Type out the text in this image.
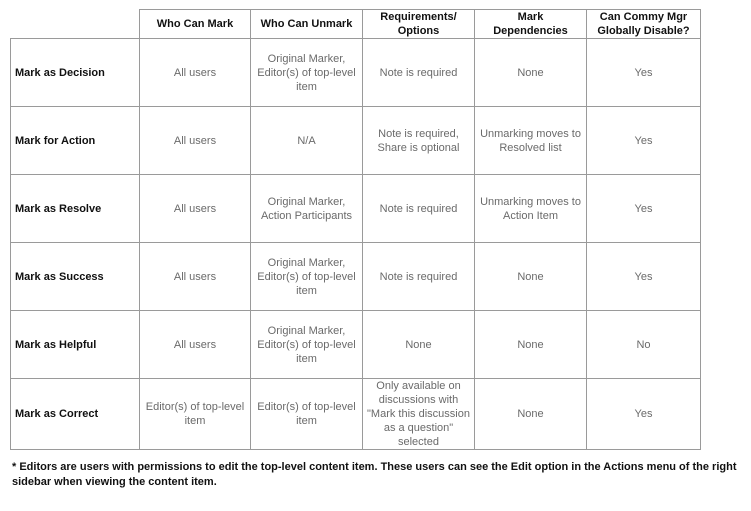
	Who Can Mark	Who Can Unmark	Requirements/ Options	Mark Dependencies	Can Commy Mgr Globally Disable?
Mark as Decision	All users	Original Marker, Editor(s) of top-level item	Note is required	None	Yes
Mark for Action	All users	N/A	Note is required, Share is optional	Unmarking moves to Resolved list	Yes
Mark as Resolve	All users	Original Marker, Action Participants	Note is required	Unmarking moves to Action Item	Yes
Mark as Success	All users	Original Marker, Editor(s) of top-level item	Note is required	None	Yes
Mark as Helpful	All users	Original Marker, Editor(s) of top-level item	None	None	No
Mark as Correct	Editor(s) of top-level item	Editor(s) of top-level item	Only available on discussions with "Mark this discussion as a question" selected	None	Yes
* Editors are users with permissions to edit the top-level content item. These users can see the Edit option in the Actions menu of the right sidebar when viewing the content item.
